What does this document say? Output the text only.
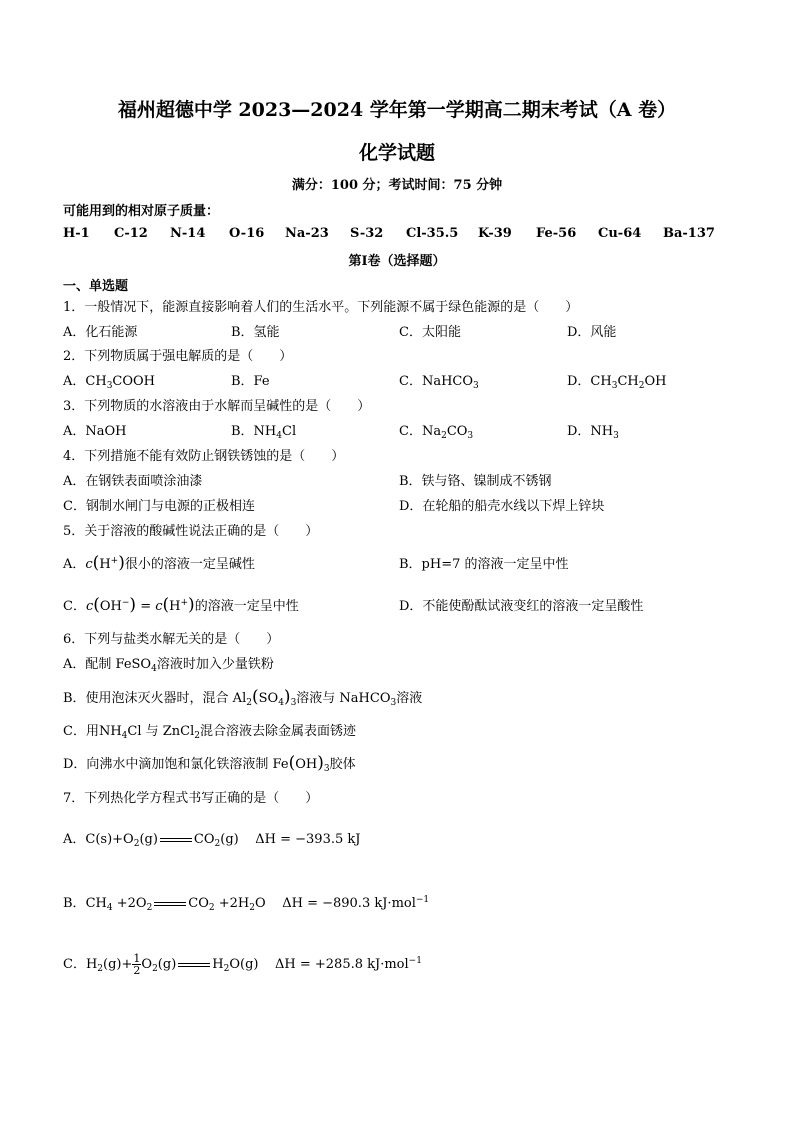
福州超德中学 2023—2024 学年第一学期高二期末考试（A 卷）
化学试题
满分：100 分；考试时间：75 分钟
可能用到的相对原子质量：
H-1 C-12 N-14 O-16 Na-23 S-32 Cl-35.5 K-39 Fe-56 Cu-64 Ba-137
第Ⅰ卷（选择题）
一、单选题
1．一般情况下，能源直接影响着人们的生活水平。下列能源不属于绿色能源的是（　　）
A．化石能源	B．氢能	C．太阳能	D．风能
2．下列物质属于强电解质的是（　　）
A．$CH_3COOH$	B．Fe	C．NaHCO$_3$	D．$CH_3CH_2OH$
3．下列物质的水溶液由于水解而呈碱性的是（　　）
A．NaOH	B．$NH_4Cl$	C．$Na_2CO_3$	D．$NH_3$
4．下列措施不能有效防止钢铁锈蚀的是（　　）
A．在钢铁表面喷涂油漆	B．铁与铬、镍制成不锈钢
C．钢制水闸门与电源的正极相连	D．在轮船的船壳水线以下焊上锌块
5．关于溶液的酸碱性说法正确的是（　　）
A．c(H+)很小的溶液一定呈碱性	B．pH=7 的溶液一定呈中性
C．c(OH−) = c(H+)的溶液一定呈中性	D．不能使酚酞试液变红的溶液一定呈酸性
6．下列与盐类水解无关的是（　　）
A．配制 FeSO$_4$溶液时加入少量铁粉
B．使用泡沫灭火器时，混合 $Al_2(SO_4)_3$溶液与 NaHCO$_3$溶液
C．用$NH_4Cl$ 与 ZnCl$_2$混合溶液去除金属表面锈迹
D．向沸水中滴加饱和氯化铁溶液制 $Fe(OH)_3$胶体
7．下列热化学方程式书写正确的是（　　）
A．$C(s)+O_2(g)$	$CO_2(g) \Delta H = -393.5$ kJ
B．$CH_4 +2O_2$	$CO_2 +2H_2O$ ΔH = −890.3 kJ·mol$^{-1}$
C．$H_2(g)+ \frac{1}{2} O_2(g)$	$H_2O(g) \Delta H = +285.8$ kJ·mol$^{-1}$
